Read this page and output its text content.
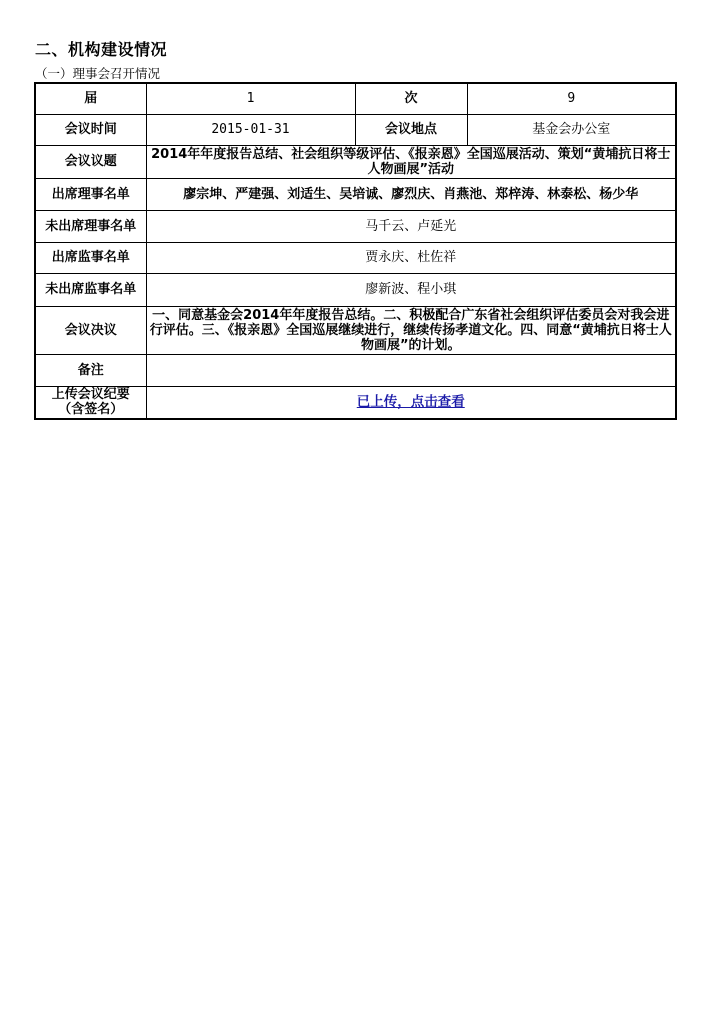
二、机构建设情况
（一）理事会召开情况
届	1	次	9
会议时间	2015-01-31	会议地点	基金会办公室
会议议题	2014年年度报告总结、社会组织等级评估、《报亲恩》全国巡展活动、策划“黄埔抗日将士人物画展”活动		
出席理事名单	廖宗坤、严建强、刘适生、吴培诚、廖烈庆、肖燕池、郑梓涛、林泰松、杨少华		
未出席理事名单	马千云、卢延光		
出席监事名单	贾永庆、杜佐祥		
未出席监事名单	廖新波、程小琪		
会议决议	一、同意基金会2014年年度报告总结。二、积极配合广东省社会组织评估委员会对我会进行评估。三、《报亲恩》全国巡展继续进行，继续传扬孝道文化。四、同意“黄埔抗日将士人物画展”的计划。		
备注			
上传会议纪要（含签名）	已上传，点击查看		
